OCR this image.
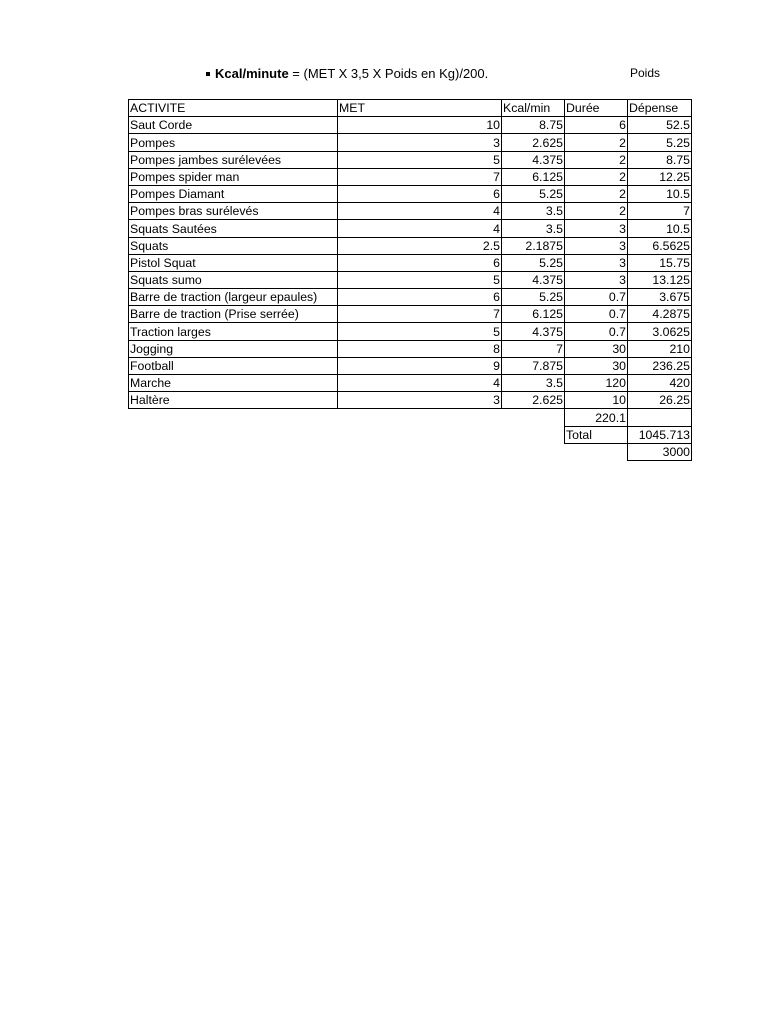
Kcal/minute = (MET X 3,5 X Poids en Kg)/200.	Poids
ACTIVITE	MET	Kcal/min	Durée	Dépense
Saut Corde	10	8.75	6	52.5
Pompes	3	2.625	2	5.25
Pompes jambes surélevées	5	4.375	2	8.75
Pompes spider man	7	6.125	2	12.25
Pompes Diamant	6	5.25	2	10.5
Pompes bras surélevés	4	3.5	2	7
Squats Sautées	4	3.5	3	10.5
Squats	2.5	2.1875	3	6.5625
Pistol Squat	6	5.25	3	15.75
Squats sumo	5	4.375	3	13.125
Barre de traction (largeur epaules)	6	5.25	0.7	3.675
Barre de traction (Prise serrée)	7	6.125	0.7	4.2875
Traction larges	5	4.375	0.7	3.0625
Jogging	8	7	30	210
Football	9	7.875	30	236.25
Marche	4	3.5	120	420
Haltère	3	2.625	10	26.25
			220.1	
			Total	1045.713
				3000
